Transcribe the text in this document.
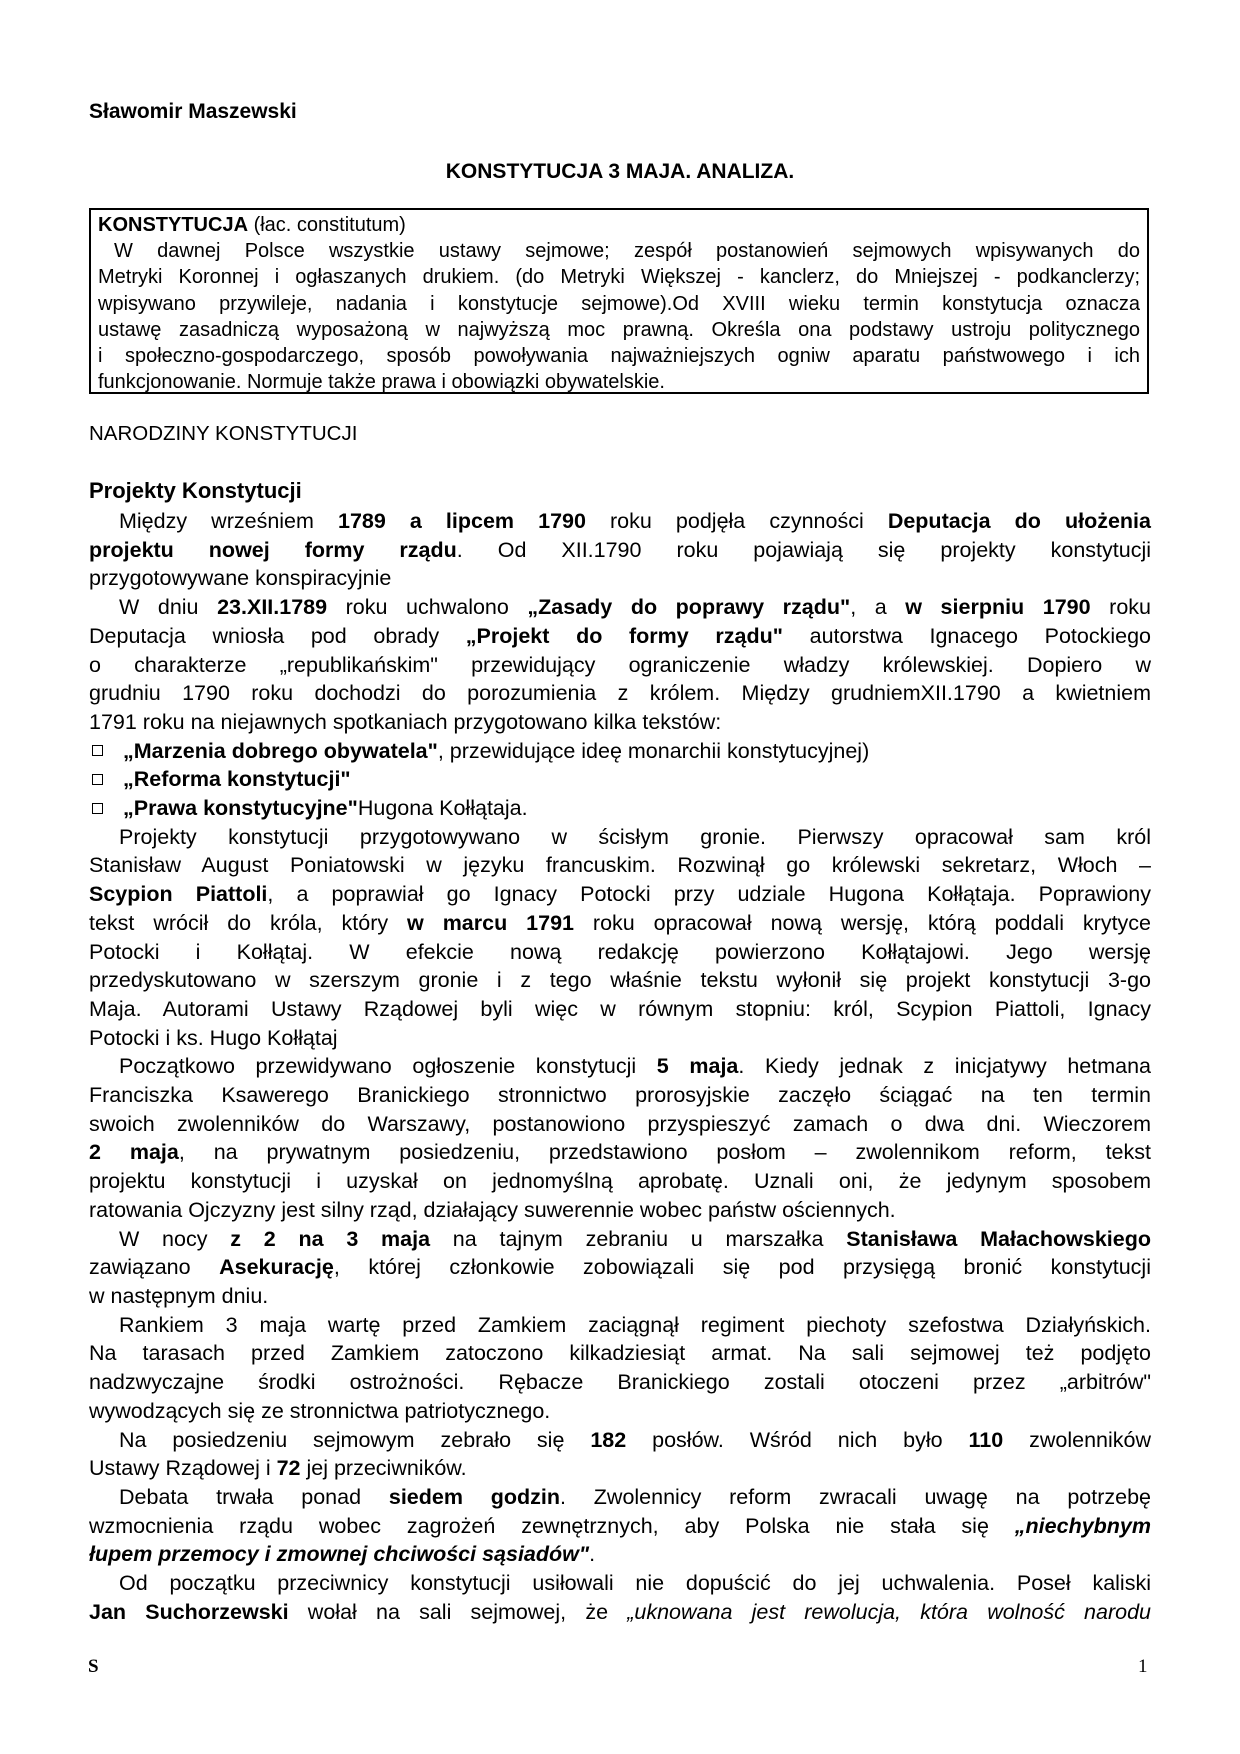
Sławomir Maszewski
KONSTYTUCJA 3 MAJA. ANALIZA.
KONSTYTUCJA (łac. constitutum)
W dawnej Polsce wszystkie ustawy sejmowe; zespół postanowień sejmowych wpisywanych do
Metryki Koronnej i ogłaszanych drukiem. (do Metryki Większej - kanclerz, do Mniejszej - podkanclerzy;
wpisywano przywileje, nadania i konstytucje sejmowe).Od XVIII wieku termin konstytucja oznacza
ustawę zasadniczą wyposażoną w najwyższą moc prawną. Określa ona podstawy ustroju politycznego
i społeczno-gospodarczego, sposób powoływania najważniejszych ogniw aparatu państwowego i ich
funkcjonowanie. Normuje także prawa i obowiązki obywatelskie.
NARODZINY KONSTYTUCJI
Projekty Konstytucji
Między wrześniem 1789 a lipcem 1790 roku podjęła czynności Deputacja do ułożenia
projektu nowej formy rządu. Od XII.1790 roku pojawiają się projekty konstytucji
przygotowywane konspiracyjnie
W dniu 23.XII.1789 roku uchwalono „Zasady do poprawy rządu", a w sierpniu 1790 roku
Deputacja wniosła pod obrady „Projekt do formy rządu" autorstwa Ignacego Potockiego
o charakterze „republikańskim" przewidujący ograniczenie władzy królewskiej. Dopiero w
grudniu 1790 roku dochodzi do porozumienia z królem. Między grudniemXII.1790 a kwietniem
1791 roku na niejawnych spotkaniach przygotowano kilka tekstów:
„Marzenia dobrego obywatela" , przewidujące ideę monarchii konstytucyjnej)
„Reforma konstytucji"
„Prawa konstytucyjne" Hugona Kołłątaja.
Projekty konstytucji przygotowywano w ścisłym gronie. Pierwszy opracował sam król
Stanisław August Poniatowski w języku francuskim. Rozwinął go królewski sekretarz, Włoch –
Scypion Piattoli, a poprawiał go Ignacy Potocki przy udziale Hugona Kołłątaja. Poprawiony
tekst wrócił do króla, który w marcu 1791 roku opracował nową wersję, którą poddali krytyce
Potocki i Kołłątaj. W efekcie nową redakcję powierzono Kołłątajowi. Jego wersję
przedyskutowano w szerszym gronie i z tego właśnie tekstu wyłonił się projekt konstytucji 3-go
Maja. Autorami Ustawy Rządowej byli więc w równym stopniu: król, Scypion Piattoli, Ignacy
Potocki i ks. Hugo Kołłątaj
Początkowo przewidywano ogłoszenie konstytucji 5 maja. Kiedy jednak z inicjatywy hetmana
Franciszka Ksawerego Branickiego stronnictwo prorosyjskie zaczęło ściągać na ten termin
swoich zwolenników do Warszawy, postanowiono przyspieszyć zamach o dwa dni. Wieczorem
2 maja, na prywatnym posiedzeniu, przedstawiono posłom – zwolennikom reform, tekst
projektu konstytucji i uzyskał on jednomyślną aprobatę. Uznali oni, że jedynym sposobem
ratowania Ojczyzny jest silny rząd, działający suwerennie wobec państw ościennych.
W nocy z 2 na 3 maja na tajnym zebraniu u marszałka Stanisława Małachowskiego
zawiązano Asekurację, której członkowie zobowiązali się pod przysięgą bronić konstytucji
w następnym dniu.
Rankiem 3 maja wartę przed Zamkiem zaciągnął regiment piechoty szefostwa Działyńskich.
Na tarasach przed Zamkiem zatoczono kilkadziesiąt armat. Na sali sejmowej też podjęto
nadzwyczajne środki ostrożności. Rębacze Branickiego zostali otoczeni przez „arbitrów"
wywodzących się ze stronnictwa patriotycznego.
Na posiedzeniu sejmowym zebrało się 182 posłów. Wśród nich było 110 zwolenników
Ustawy Rządowej i 72 jej przeciwników.
Debata trwała ponad siedem godzin. Zwolennicy reform zwracali uwagę na potrzebę
wzmocnienia rządu wobec zagrożeń zewnętrznych, aby Polska nie stała się „niechybnym
łupem przemocy i zmownej chciwości sąsiadów".
Od początku przeciwnicy konstytucji usiłowali nie dopuścić do jej uchwalenia. Poseł kaliski
Jan Suchorzewski wołał na sali sejmowej, że „uknowana jest rewolucja, która wolność narodu
S	1
